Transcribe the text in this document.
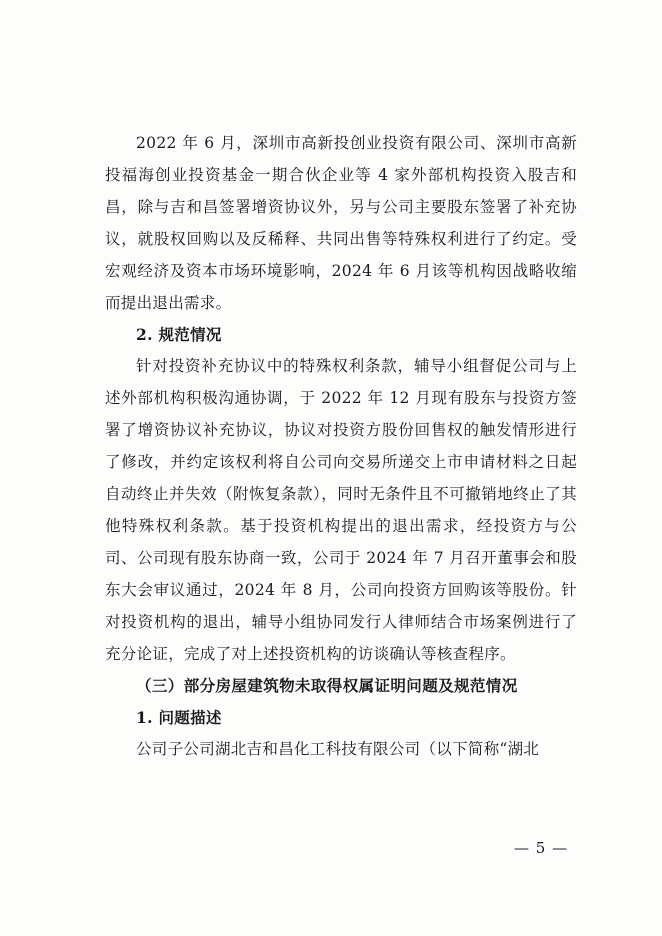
2022 年 6 月，深圳市高新投创业投资有限公司、深圳市高新投福海创业投资基金一期合伙企业等 4 家外部机构投资入股吉和昌，除与吉和昌签署增资协议外，另与公司主要股东签署了补充协议，就股权回购以及反稀释、共同出售等特殊权利进行了约定。受宏观经济及资本市场环境影响，2024 年 6 月该等机构因战略收缩而提出退出需求。

2. 规范情况

针对投资补充协议中的特殊权利条款，辅导小组督促公司与上述外部机构积极沟通协调，于 2022 年 12 月现有股东与投资方签署了增资协议补充协议，协议对投资方股份回售权的触发情形进行了修改，并约定该权利将自公司向交易所递交上市申请材料之日起自动终止并失效（附恢复条款），同时无条件且不可撤销地终止了其他特殊权利条款。基于投资机构提出的退出需求，经投资方与公司、公司现有股东协商一致，公司于 2024 年 7 月召开董事会和股东大会审议通过，2024 年 8 月，公司向投资方回购该等股份。针对投资机构的退出，辅导小组协同发行人律师结合市场案例进行了充分论证，完成了对上述投资机构的访谈确认等核查程序。

（三）部分房屋建筑物未取得权属证明问题及规范情况

1. 问题描述

公司子公司湖北吉和昌化工科技有限公司（以下简称“湖北

— 5 —
